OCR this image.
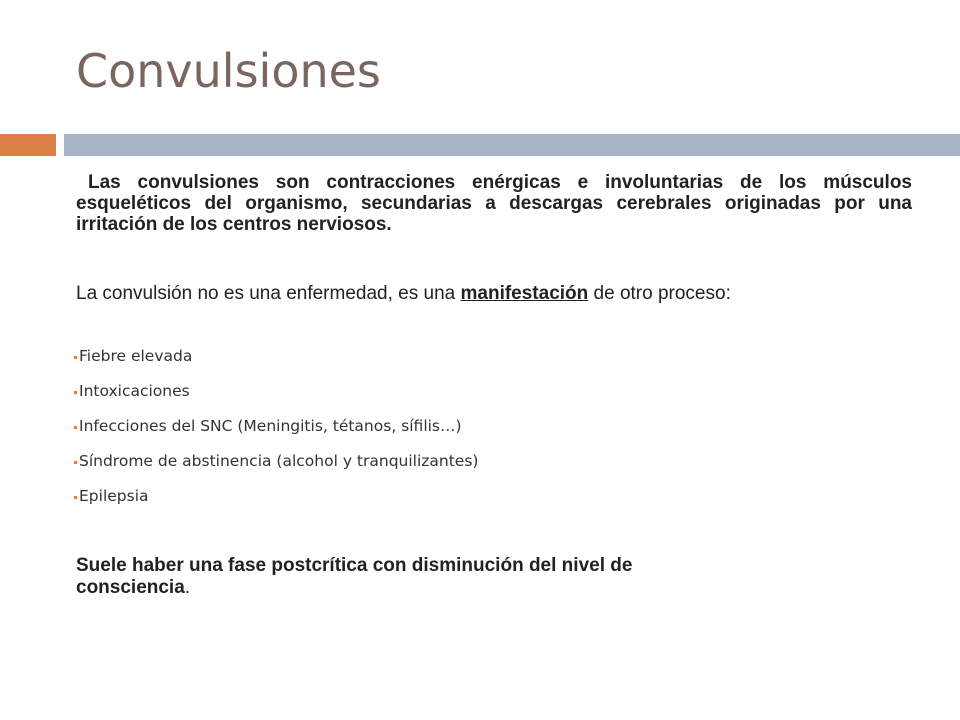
Convulsiones

Las convulsiones son contracciones enérgicas e involuntarias de los músculos esqueléticos del organismo, secundarias a descargas cerebrales originadas por una irritación de los centros nerviosos.

La convulsión no es una enfermedad, es una manifestación de otro proceso:

Fiebre elevada
Intoxicaciones
Infecciones del SNC (Meningitis, tétanos, sífilis…)
Síndrome de abstinencia (alcohol y tranquilizantes)
Epilepsia

Suele haber una fase postcrítica con disminución del nivel de
consciencia.
